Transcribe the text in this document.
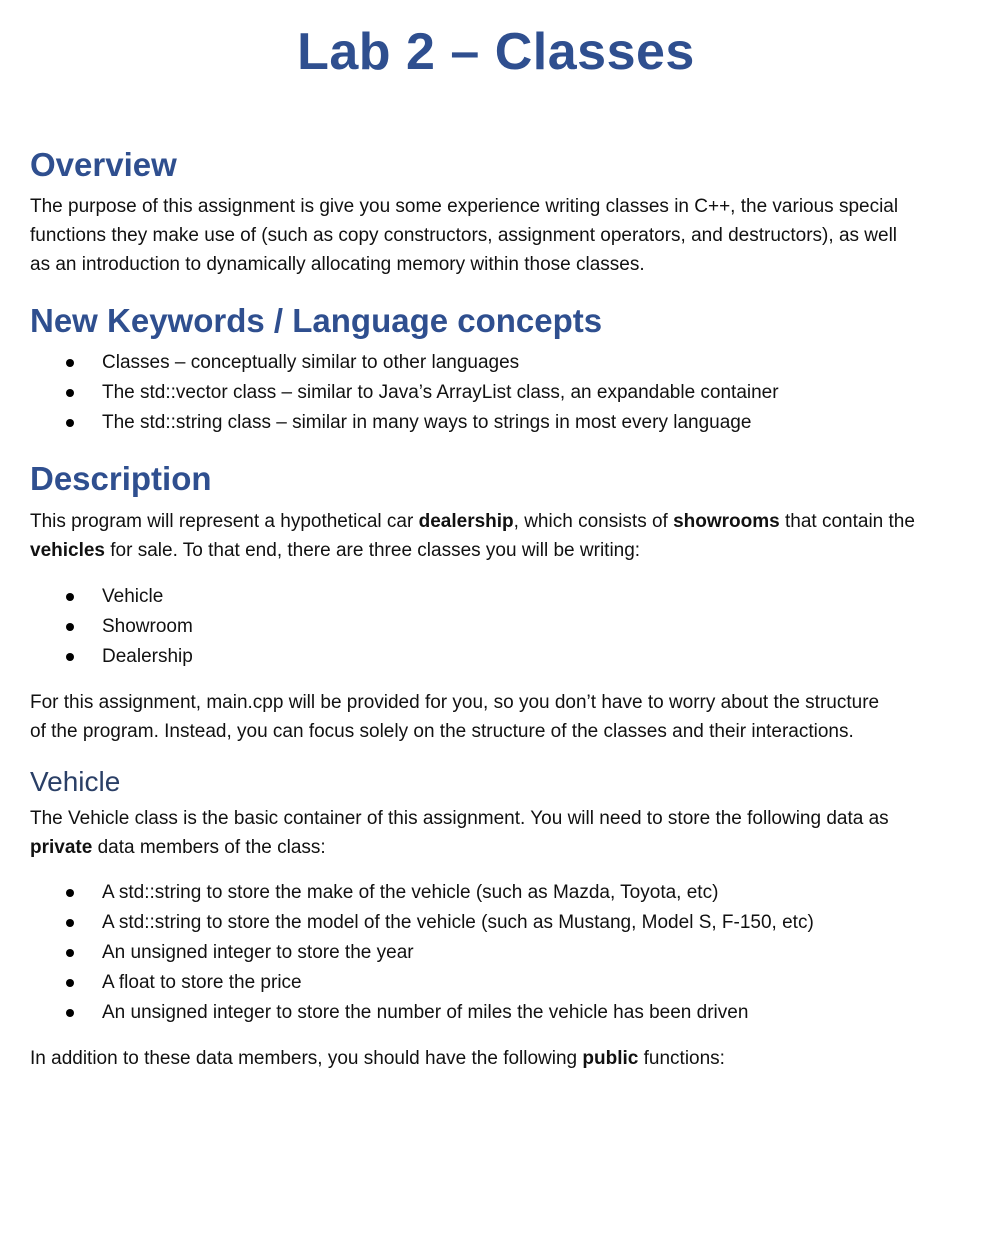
Lab 2 – Classes
Overview
The purpose of this assignment is give you some experience writing classes in C++, the various special
functions they make use of (such as copy constructors, assignment operators, and destructors), as well
as an introduction to dynamically allocating memory within those classes.
New Keywords / Language concepts
Classes – conceptually similar to other languages
The std::vector class – similar to Java’s ArrayList class, an expandable container
The std::string class – similar in many ways to strings in most every language
Description
This program will represent a hypothetical car dealership, which consists of showrooms that contain the
vehicles for sale. To that end, there are three classes you will be writing:
Vehicle
Showroom
Dealership
For this assignment, main.cpp will be provided for you, so you don’t have to worry about the structure
of the program. Instead, you can focus solely on the structure of the classes and their interactions.
Vehicle
The Vehicle class is the basic container of this assignment. You will need to store the following data as
private data members of the class:
A std::string to store the make of the vehicle (such as Mazda, Toyota, etc)
A std::string to store the model of the vehicle (such as Mustang, Model S, F-150, etc)
An unsigned integer to store the year
A float to store the price
An unsigned integer to store the number of miles the vehicle has been driven
In addition to these data members, you should have the following public functions:
